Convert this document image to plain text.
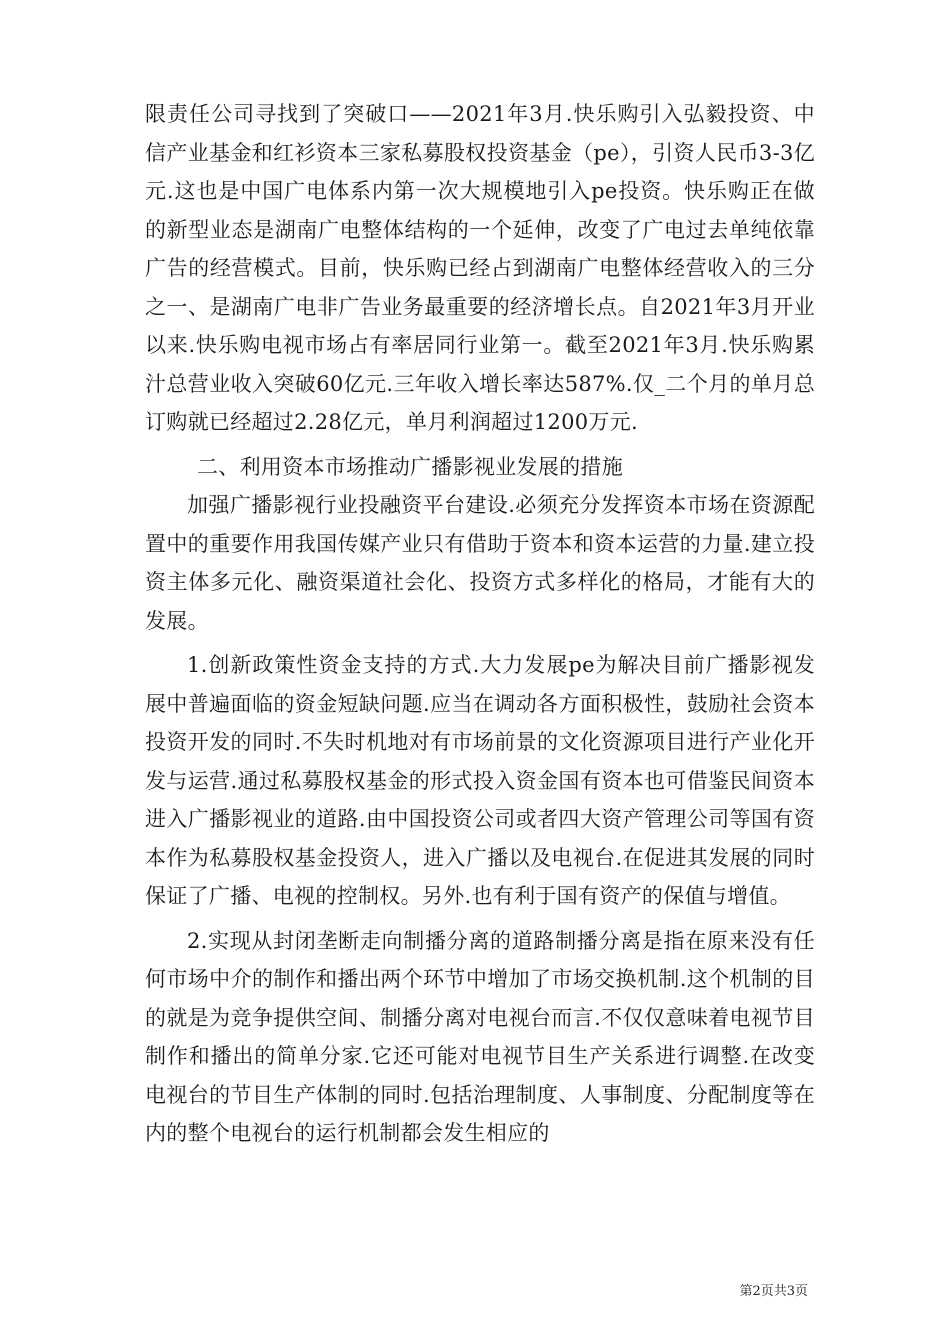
限责任公司寻找到了突破口——2021年3月.快乐购引入弘毅投资、中信产业基金和红衫资本三家私募股权投资基金（pe），引资人民币3-3亿元.这也是中国广电体系内第一次大规模地引入pe投资。快乐购正在做的新型业态是湖南广电整体结构的一个延伸，改变了广电过去单纯依靠广告的经营模式。目前，快乐购已经占到湖南广电整体经营收入的三分之一、是湖南广电非广告业务最重要的经济增长点。自2021年3月开业以来.快乐购电视市场占有率居同行业第一。截至2021年3月.快乐购累汁总营业收入突破60亿元.三年收入增长率达587%.仅_二个月的单月总订购就已经超过2.28亿元，单月利润超过1200万元.

二、利用资本市场推动广播影视业发展的措施

加强广播影视行业投融资平台建设.必须充分发挥资本市场在资源配置中的重要作用我国传媒产业只有借助于资本和资本运营的力量.建立投资主体多元化、融资渠道社会化、投资方式多样化的格局，才能有大的发展。

1.创新政策性资金支持的方式.大力发展pe为解决目前广播影视发展中普遍面临的资金短缺问题.应当在调动各方面积极性，鼓励社会资本投资开发的同时.不失时机地对有市场前景的文化资源项目进行产业化开发与运营.通过私募股权基金的形式投入资金国有资本也可借鉴民间资本进入广播影视业的道路.由中国投资公司或者四大资产管理公司等国有资本作为私募股权基金投资人，进入广播以及电视台.在促进其发展的同时保证了广播、电视的控制权。另外.也有利于国有资产的保值与增值。

2.实现从封闭垄断走向制播分离的道路制播分离是指在原来没有任何市场中介的制作和播出两个环节中增加了市场交换机制.这个机制的目的就是为竞争提供空间、制播分离对电视台而言.不仅仅意味着电视节目制作和播出的简单分家.它还可能对电视节目生产关系进行调整.在改变电视台的节目生产体制的同时.包括治理制度、人事制度、分配制度等在内的整个电视台的运行机制都会发生相应的

第2页共3页
